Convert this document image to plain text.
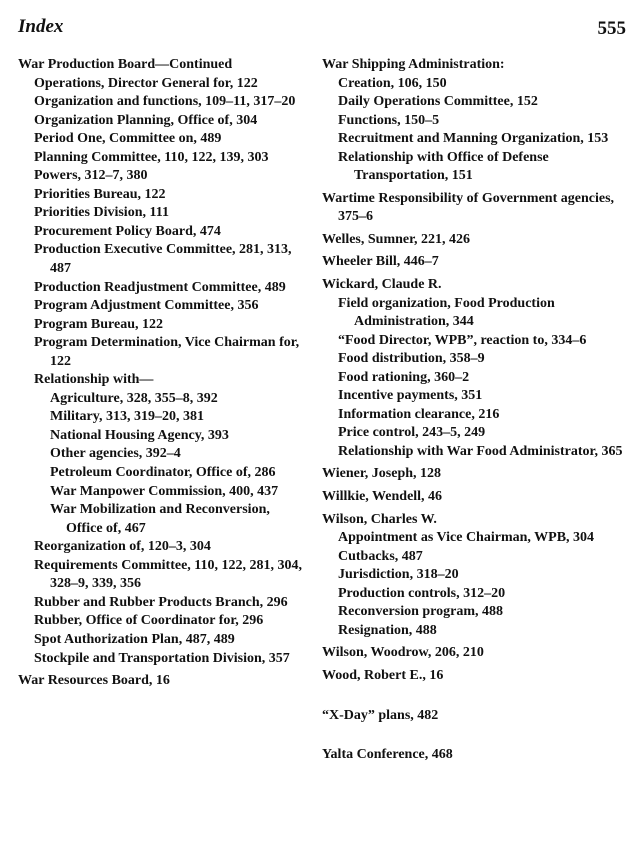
Index	555

War Production Board—Continued

Operations, Director General for, 122

Organization and functions, 109–11, 317–20

Organization Planning, Office of, 304

Period One, Committee on, 489

Planning Committee, 110, 122, 139, 303

Powers, 312–7, 380

Priorities Bureau, 122

Priorities Division, 111

Procurement Policy Board, 474

Production Executive Committee, 281, 313, 487

Production Readjustment Committee, 489

Program Adjustment Committee, 356

Program Bureau, 122

Program Determination, Vice Chairman for, 122

Relationship with—

Agriculture, 328, 355–8, 392

Military, 313, 319–20, 381

National Housing Agency, 393

Other agencies, 392–4

Petroleum Coordinator, Office of, 286

War Manpower Commission, 400, 437

War Mobilization and Reconversion, Office of, 467

Reorganization of, 120–3, 304

Requirements Committee, 110, 122, 281, 304, 328–9, 339, 356

Rubber and Rubber Products Branch, 296

Rubber, Office of Coordinator for, 296

Spot Authorization Plan, 487, 489

Stockpile and Transportation Division, 357

War Resources Board, 16

War Shipping Administration:

Creation, 106, 150

Daily Operations Committee, 152

Functions, 150–5

Recruitment and Manning Organization, 153

Relationship with Office of Defense Transportation, 151

Wartime Responsibility of Government agencies, 375–6

Welles, Sumner, 221, 426

Wheeler Bill, 446–7

Wickard, Claude R.

Field organization, Food Production Administration, 344

“Food Director, WPB”, reaction to, 334–6

Food distribution, 358–9

Food rationing, 360–2

Incentive payments, 351

Information clearance, 216

Price control, 243–5, 249

Relationship with War Food Administrator, 365

Wiener, Joseph, 128

Willkie, Wendell, 46

Wilson, Charles W.

Appointment as Vice Chairman, WPB, 304

Cutbacks, 487

Jurisdiction, 318–20

Production controls, 312–20

Reconversion program, 488

Resignation, 488

Wilson, Woodrow, 206, 210

Wood, Robert E., 16

“X-Day” plans, 482

Yalta Conference, 468
